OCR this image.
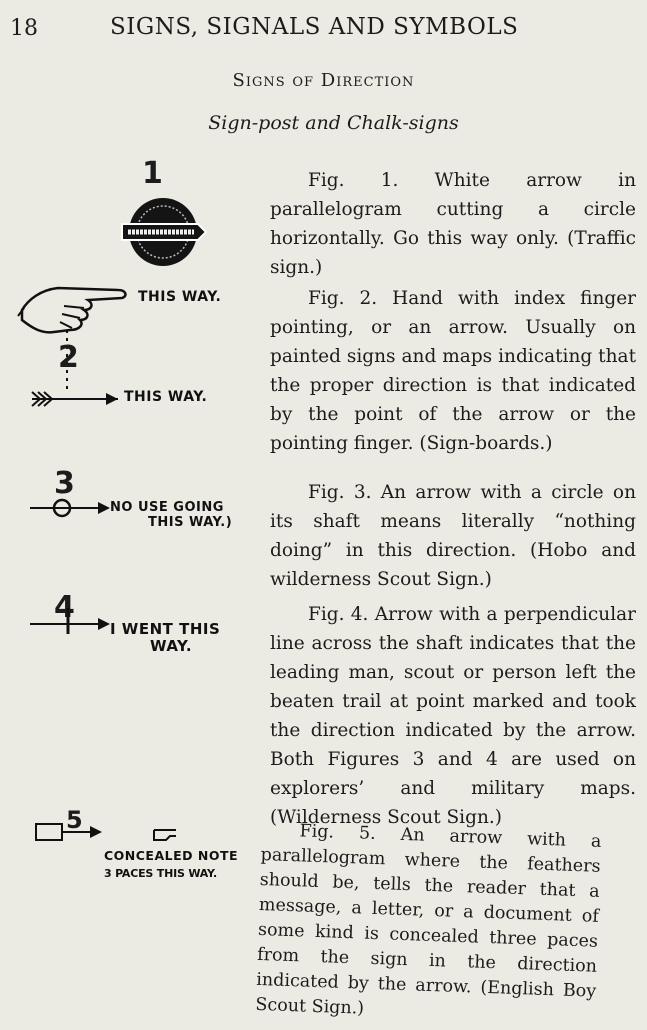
18	SIGNS, SIGNALS AND SYMBOLS
Signs of Direction
Sign-post and Chalk-signs
1
THIS WAY.
2
THIS WAY.
3
NO USE GOING
THIS WAY.)
4
I WENT THIS
WAY.
5
CONCEALED NOTE
3 PACES THIS WAY.

Fig. 1. White arrow in parallelogram cutting a circle horizontally. Go this way only. (Traffic sign.)

Fig. 2. Hand with index finger pointing, or an arrow. Usually on painted signs and maps indicating that the proper direction is that indicated by the point of the arrow or the pointing finger. (Sign-boards.)

Fig. 3. An arrow with a circle on its shaft means literally “nothing doing” in this direction. (Hobo and wilderness Scout Sign.)

Fig. 4. Arrow with a perpendicular line across the shaft indicates that the leading man, scout or person left the beaten trail at point marked and took the direction indicated by the arrow. Both Figures 3 and 4 are used on explorers’ and military maps. (Wilderness Scout Sign.)

Fig. 5. An arrow with a parallelogram where the feathers should be, tells the reader that a message, a letter, or a document of some kind is concealed three paces from the sign in the direction indicated by the arrow. (English Boy Scout Sign.)
